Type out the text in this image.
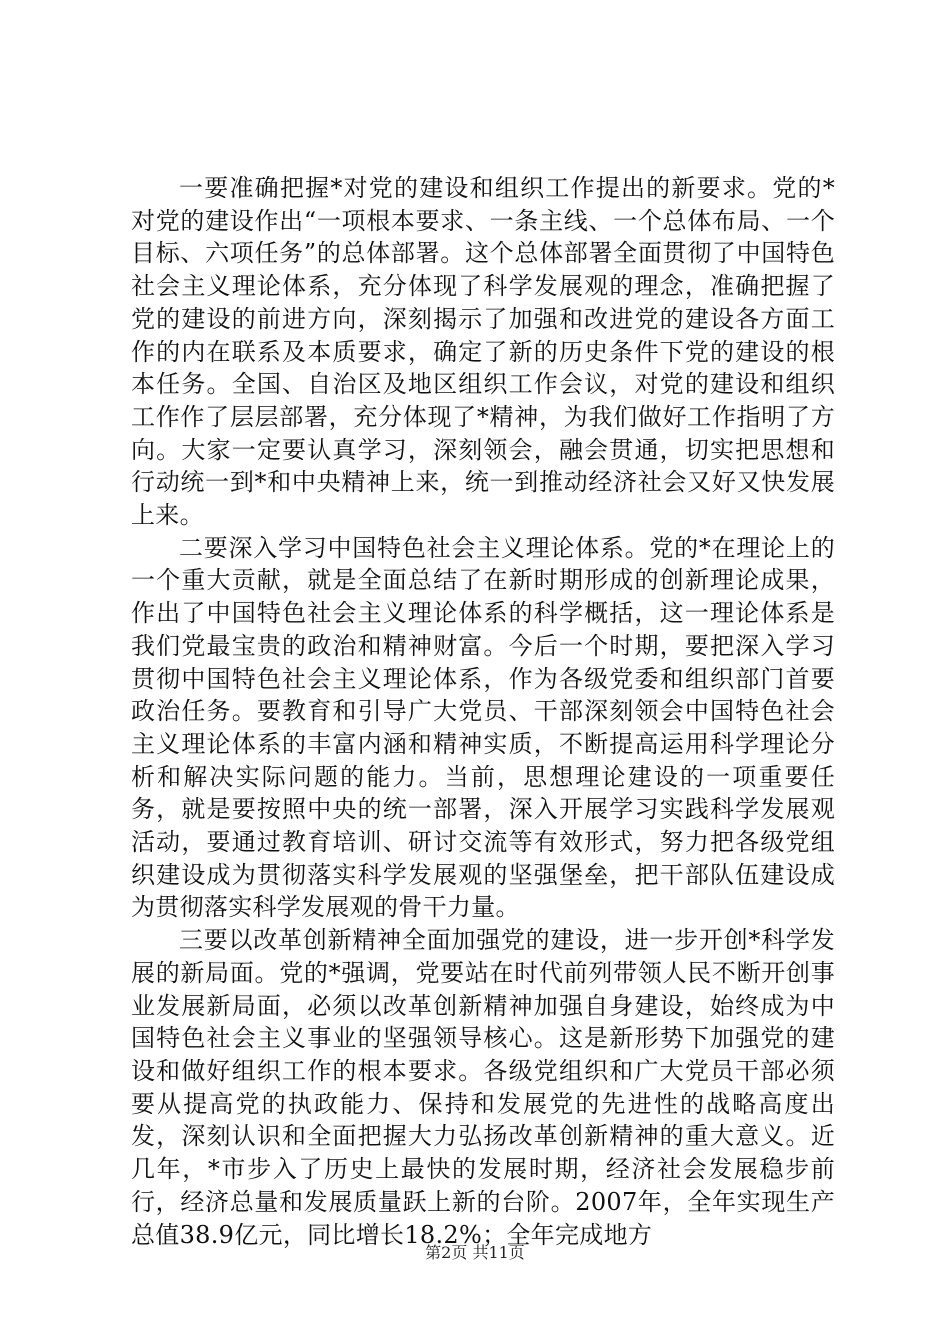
一要准确把握*对党的建设和组织工作提出的新要求。党的*对党的建设作出“一项根本要求、一条主线、一个总体布局、一个目标、六项任务”的总体部署。这个总体部署全面贯彻了中国特色社会主义理论体系，充分体现了科学发展观的理念，准确把握了党的建设的前进方向，深刻揭示了加强和改进党的建设各方面工作的内在联系及本质要求，确定了新的历史条件下党的建设的根本任务。全国、自治区及地区组织工作会议，对党的建设和组织工作作了层层部署，充分体现了*精神，为我们做好工作指明了方向。大家一定要认真学习，深刻领会，融会贯通，切实把思想和行动统一到*和中央精神上来，统一到推动经济社会又好又快发展上来。

二要深入学习中国特色社会主义理论体系。党的*在理论上的一个重大贡献，就是全面总结了在新时期形成的创新理论成果，作出了中国特色社会主义理论体系的科学概括，这一理论体系是我们党最宝贵的政治和精神财富。今后一个时期，要把深入学习贯彻中国特色社会主义理论体系，作为各级党委和组织部门首要政治任务。要教育和引导广大党员、干部深刻领会中国特色社会主义理论体系的丰富内涵和精神实质，不断提高运用科学理论分析和解决实际问题的能力。当前，思想理论建设的一项重要任务，就是要按照中央的统一部署，深入开展学习实践科学发展观活动，要通过教育培训、研讨交流等有效形式，努力把各级党组织建设成为贯彻落实科学发展观的坚强堡垒，把干部队伍建设成为贯彻落实科学发展观的骨干力量。

三要以改革创新精神全面加强党的建设，进一步开创*科学发展的新局面。党的*强调，党要站在时代前列带领人民不断开创事业发展新局面，必须以改革创新精神加强自身建设，始终成为中国特色社会主义事业的坚强领导核心。这是新形势下加强党的建设和做好组织工作的根本要求。各级党组织和广大党员干部必须要从提高党的执政能力、保持和发展党的先进性的战略高度出发，深刻认识和全面把握大力弘扬改革创新精神的重大意义。近几年，*市步入了历史上最快的发展时期，经济社会发展稳步前行，经济总量和发展质量跃上新的台阶。2007年，全年实现生产总值38.9亿元，同比增长18.2%；全年完成地方

第2页 共11页
